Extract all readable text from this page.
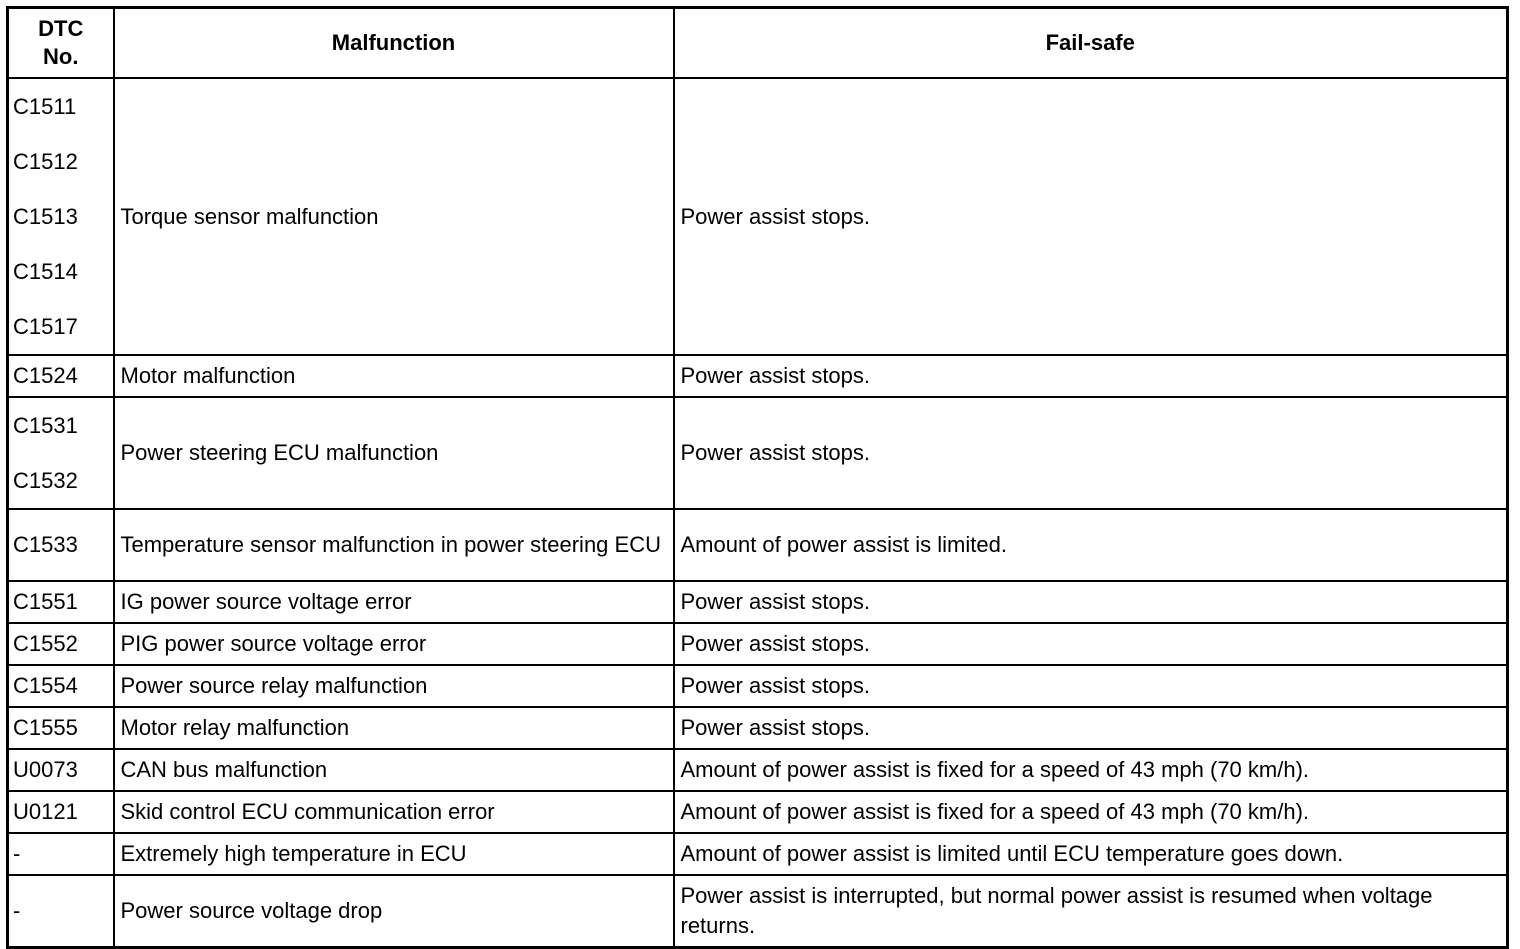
DTC
No.	Malfunction	Fail-safe

C1511
C1512
C1513
C1514
C1517	Torque sensor malfunction	Power assist stops.

C1524	Motor malfunction	Power assist stops.

C1531
C1532	Power steering ECU malfunction	Power assist stops.

C1533	Temperature sensor malfunction in power steering ECU	Amount of power assist is limited.

C1551	IG power source voltage error	Power assist stops.

C1552	PIG power source voltage error	Power assist stops.

C1554	Power source relay malfunction	Power assist stops.

C1555	Motor relay malfunction	Power assist stops.

U0073	CAN bus malfunction	Amount of power assist is fixed for a speed of 43 mph (70 km/h).

U0121	Skid control ECU communication error	Amount of power assist is fixed for a speed of 43 mph (70 km/h).

-	Extremely high temperature in ECU	Amount of power assist is limited until ECU temperature goes down.

-	Power source voltage drop	Power assist is interrupted, but normal power assist is resumed when voltage returns.
